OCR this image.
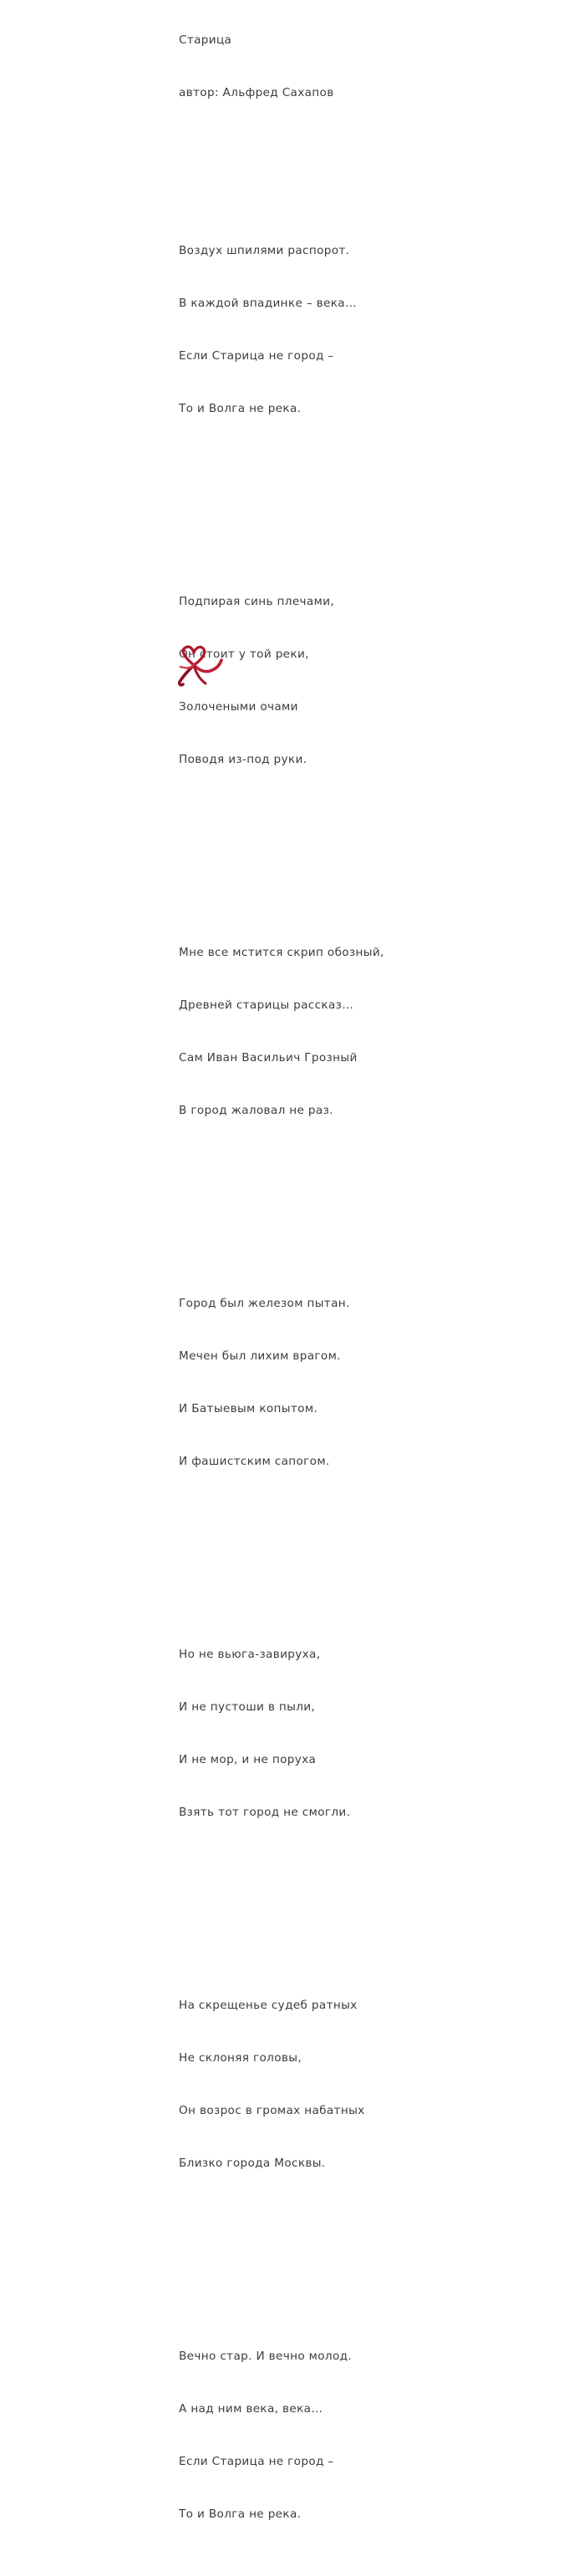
Старица

автор: Альфред Сахапов

Воздух шпилями распорот.

В каждой впадинке – века…

Если Старица не город –

То и Волга не река.

Подпирая синь плечами,

Он стоит у той реки,

Золочеными очами

Поводя из-под руки.

Мне все мстится скрип обозный,

Древней старицы рассказ…

Сам Иван Васильич Грозный

В город жаловал не раз.

Город был железом пытан.

Мечен был лихим врагом.

И Батыевым копытом.

И фашистским сапогом.

Но не вьюга-завируха,

И не пустоши в пыли,

И не мор, и не поруха

Взять тот город не смогли.

На скрещенье судеб ратных

Не склоняя головы,

Он возрос в громах набатных

Близко города Москвы.

Вечно стар. И вечно молод.

А над ним века, века…

Если Старица не город –

То и Волга не река.
